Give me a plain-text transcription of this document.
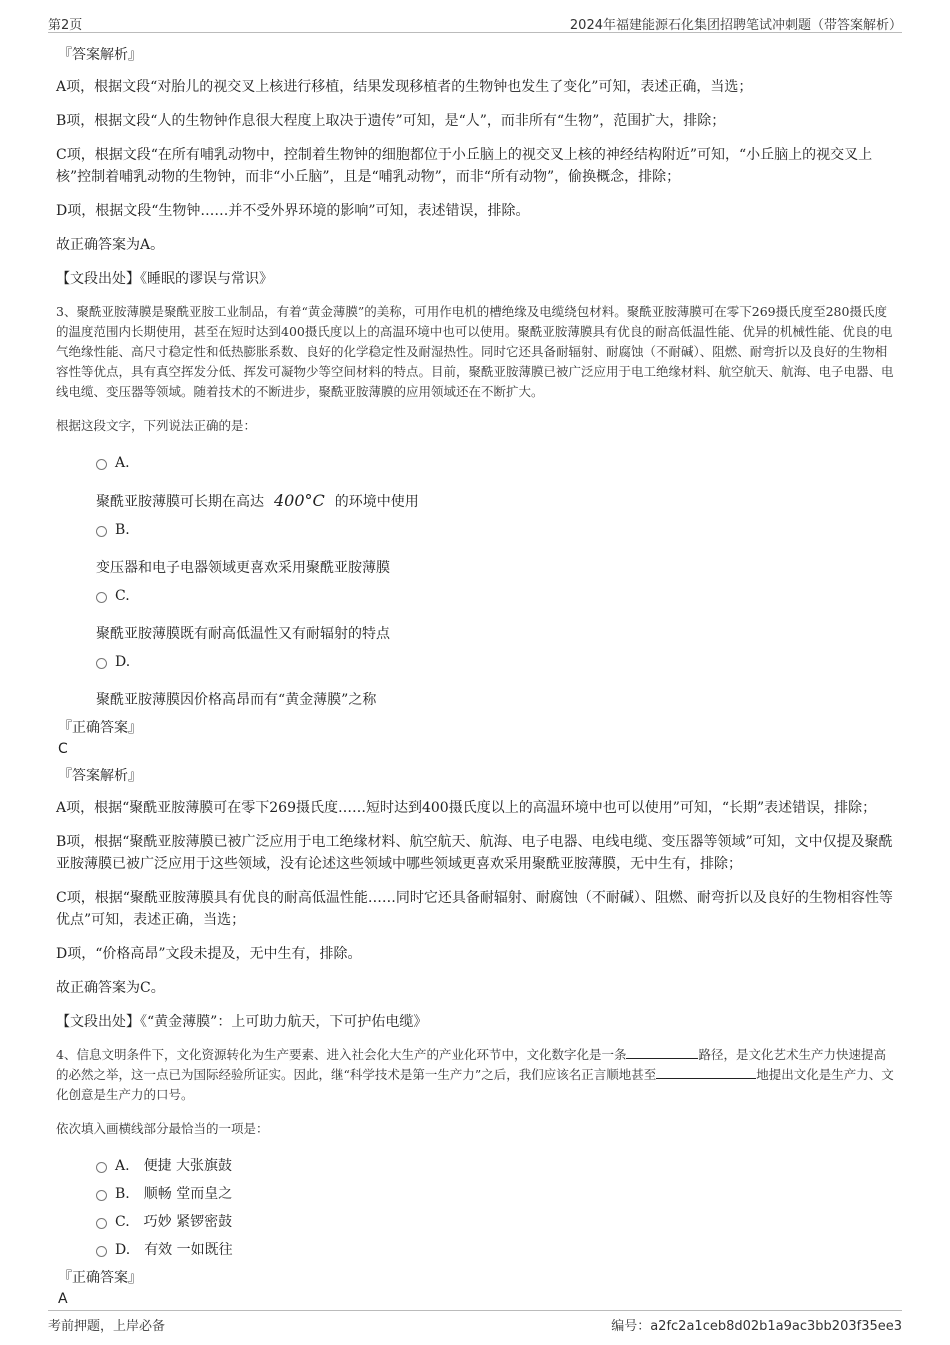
第2页	2024年福建能源石化集团招聘笔试冲刺题（带答案解析）
『答案解析』

A项，根据文段“对胎儿的视交叉上核进行移植，结果发现移植者的生物钟也发生了变化”可知，表述正确，当选；

B项，根据文段“人的生物钟作息很大程度上取决于遗传”可知，是“人”，而非所有“生物”，范围扩大，排除；

C项，根据文段“在所有哺乳动物中，控制着生物钟的细胞都位于小丘脑上的视交叉上核的神经结构附近”可知，“小丘脑上的视交叉上核”控制着哺乳动物的生物钟，而非“小丘脑”，且是“哺乳动物”，而非“所有动物”，偷换概念，排除；

D项，根据文段“生物钟……并不受外界环境的影响”可知，表述错误，排除。

故正确答案为A。

【文段出处】《睡眠的谬误与常识》

3、聚酰亚胺薄膜是聚酰亚胺工业制品，有着“黄金薄膜”的美称，可用作电机的槽绝缘及电缆绕包材料。聚酰亚胺薄膜可在零下269摄氏度至280摄氏度的温度范围内长期使用，甚至在短时达到400摄氏度以上的高温环境中也可以使用。聚酰亚胺薄膜具有优良的耐高低温性能、优异的机械性能、优良的电气绝缘性能、高尺寸稳定性和低热膨胀系数、良好的化学稳定性及耐湿热性。同时它还具备耐辐射、耐腐蚀（不耐碱）、阻燃、耐弯折以及良好的生物相容性等优点，具有真空挥发分低、挥发可凝物少等空间材料的特点。目前，聚酰亚胺薄膜已被广泛应用于电工绝缘材料、航空航天、航海、电子电器、电线电缆、变压器等领域。随着技术的不断进步，聚酰亚胺薄膜的应用领域还在不断扩大。

根据这段文字，下列说法正确的是：
A.
聚酰亚胺薄膜可长期在高达 400°C 的环境中使用
B.
变压器和电子电器领域更喜欢采用聚酰亚胺薄膜
C.
聚酰亚胺薄膜既有耐高低温性又有耐辐射的特点
D.
聚酰亚胺薄膜因价格高昂而有“黄金薄膜”之称
『正确答案』
C
『答案解析』

A项，根据“聚酰亚胺薄膜可在零下269摄氏度……短时达到400摄氏度以上的高温环境中也可以使用”可知，“长期”表述错误，排除；

B项，根据“聚酰亚胺薄膜已被广泛应用于电工绝缘材料、航空航天、航海、电子电器、电线电缆、变压器等领域”可知，文中仅提及聚酰亚胺薄膜已被广泛应用于这些领域，没有论述这些领域中哪些领域更喜欢采用聚酰亚胺薄膜，无中生有，排除；

C项，根据“聚酰亚胺薄膜具有优良的耐高低温性能……同时它还具备耐辐射、耐腐蚀（不耐碱）、阻燃、耐弯折以及良好的生物相容性等优点”可知，表述正确，当选；

D项，“价格高昂”文段未提及，无中生有，排除。

故正确答案为C。

【文段出处】《“黄金薄膜”：上可助力航天，下可护佑电缆》

4、信息文明条件下，文化资源转化为生产要素、进入社会化大生产的产业化环节中，文化数字化是一条	路径，是文化艺术生产力快速提高的必然之举，这一点已为国际经验所证实。因此，继“科学技术是第一生产力”之后，我们应该名正言顺地甚至	地提出文化是生产力、文化创意是生产力的口号。

依次填入画横线部分最恰当的一项是：
A. 便捷 大张旗鼓
B. 顺畅 堂而皇之
C. 巧妙 紧锣密鼓
D. 有效 一如既往
『正确答案』
A
考前押题，上岸必备	编号：a2fc2a1ceb8d02b1a9ac3bb203f35ee3
